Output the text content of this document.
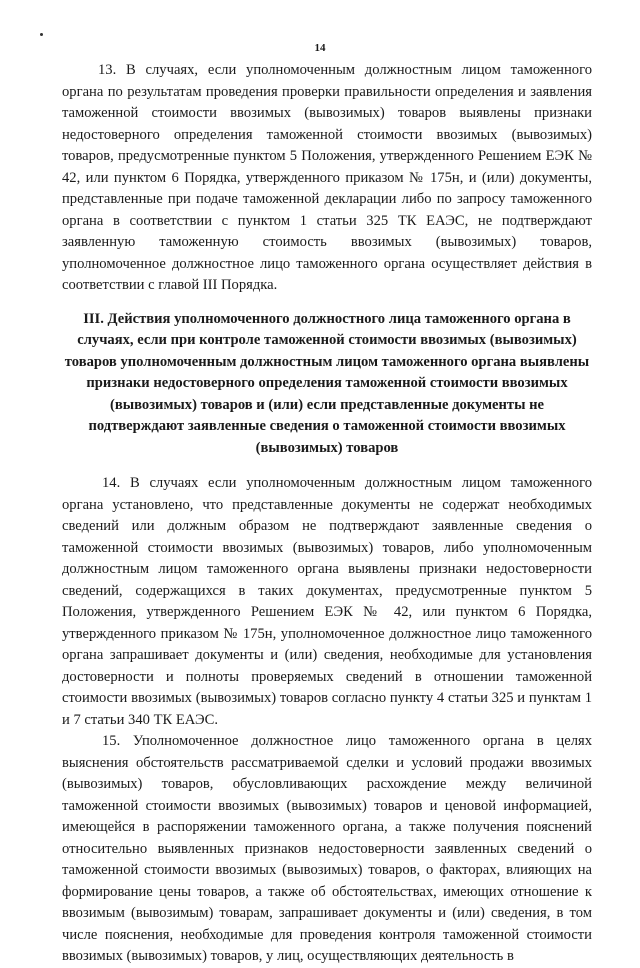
14

13. В случаях, если уполномоченным должностным лицом таможенного органа по результатам проведения проверки правильности определения и заявления таможенной стоимости ввозимых (вывозимых) товаров выявлены признаки недостоверного определения таможенной стоимости ввозимых (вывозимых) товаров, предусмотренные пунктом 5 Положения, утвержденного Решением ЕЭК № 42, или пунктом 6 Порядка, утвержденного приказом № 175н, и (или) документы, представленные при подаче таможенной декларации либо по запросу таможенного органа в соответствии с пунктом 1 статьи 325 ТК ЕАЭС, не подтверждают заявленную таможенную стоимость ввозимых (вывозимых) товаров, уполномоченное должностное лицо таможенного органа осуществляет действия в соответствии с главой III Порядка.

III. Действия уполномоченного должностного лица таможенного органа в случаях, если при контроле таможенной стоимости ввозимых (вывозимых) товаров уполномоченным должностным лицом таможенного органа выявлены признаки недостоверного определения таможенной стоимости ввозимых (вывозимых) товаров и (или) если представленные документы не подтверждают заявленные сведения о таможенной стоимости ввозимых (вывозимых) товаров

14. В случаях если уполномоченным должностным лицом таможенного органа установлено, что представленные документы не содержат необходимых сведений или должным образом не подтверждают заявленные сведения о таможенной стоимости ввозимых (вывозимых) товаров, либо уполномоченным должностным лицом таможенного органа выявлены признаки недостоверности сведений, содержащихся в таких документах, предусмотренные пунктом 5 Положения, утвержденного Решением ЕЭК № 42, или пунктом 6 Порядка, утвержденного приказом № 175н, уполномоченное должностное лицо таможенного органа запрашивает документы и (или) сведения, необходимые для установления достоверности и полноты проверяемых сведений в отношении таможенной стоимости ввозимых (вывозимых) товаров согласно пункту 4 статьи 325 и пунктам 1 и 7 статьи 340 ТК ЕАЭС.

15. Уполномоченное должностное лицо таможенного органа в целях выяснения обстоятельств рассматриваемой сделки и условий продажи ввозимых (вывозимых) товаров, обусловливающих расхождение между величиной таможенной стоимости ввозимых (вывозимых) товаров и ценовой информацией, имеющейся в распоряжении таможенного органа, а также получения пояснений относительно выявленных признаков недостоверности заявленных сведений о таможенной стоимости ввозимых (вывозимых) товаров, о факторах, влияющих на формирование цены товаров, а также об обстоятельствах, имеющих отношение к ввозимым (вывозимым) товарам, запрашивает документы и (или) сведения, в том числе пояснения, необходимые для проведения контроля таможенной стоимости ввозимых (вывозимых) товаров, у лиц, осуществляющих деятельность в
